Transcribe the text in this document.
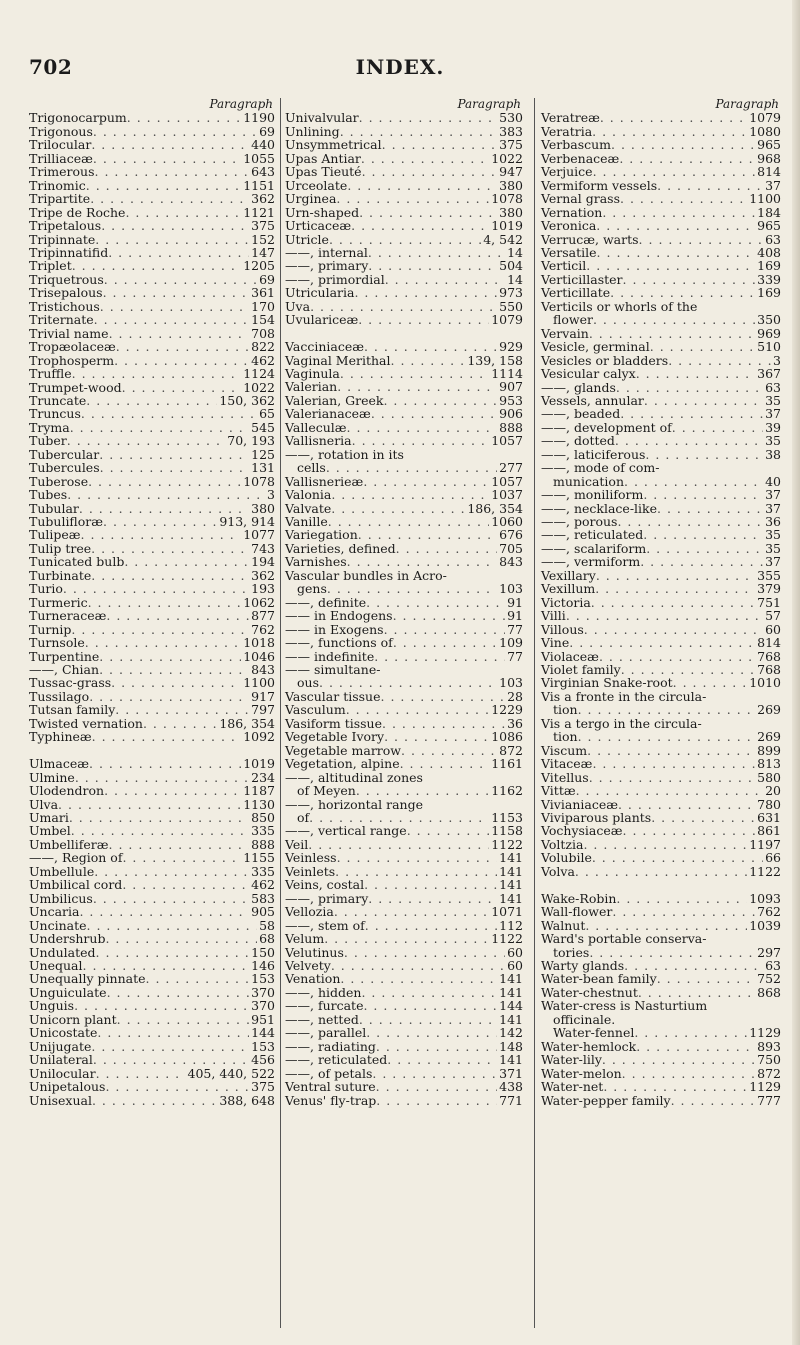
702	INDEX.
Paragraph
Trigonocarpum . . .	1190
Trigonous . . .	69
Trilocular . . .	440
Trilliaceæ . . .	1055
Trimerous . . .	643
Trinomic . . .	1151
Tripartite . . .	362
Tripe de Roche . . .	1121
Tripetalous . . .	375
Tripinnate . . .	152
Tripinnatifid . . .	147
Triplet . . .	1205
Triquetrous . . .	69
Trisepalous . . .	361
Tristichous . . .	170
Triternate . . .	154
Trivial name . . .	708
Tropæolaceæ . . .	822
Trophosperm . . .	462
Truffle . . .	1124
Trumpet-wood . . .	1022
Truncate . . .	150, 362
Truncus . . .	65
Tryma . . .	545
Tuber . . .	70, 193
Tubercular . . .	125
Tubercules . . .	131
Tuberose . . .	1078
Tubes . . .	3
Tubular . . .	380
Tubulifloræ . . .	913, 914
Tulipeæ . . .	1077
Tulip tree . . .	743
Tunicated bulb . . .	194
Turbinate . . .	362
Turio . . .	193
Turmeric . . .	1062
Turneraceæ . . .	877
Turnip . . .	762
Turnsole . . .	1018
Turpentine . . .	1046
——, Chian . . .	843
Tussac-grass . . .	1100
Tussilago . . .	917
Tutsan family . . .	797
Twisted vernation . . .	186, 354
Typhineæ . . .	1092
Ulmaceæ . . .	1019
Ulmine . . .	234
Ulodendron . . .	1187
Ulva . . .	1130
Umari . . .	850
Umbel . . .	335
Umbelliferæ . . .	888
——, Region of . . .	1155
Umbellule . . .	335
Umbilical cord . . .	462
Umbilicus . . .	583
Uncaria . . .	905
Uncinate . . .	58
Undershrub . . .	68
Undulated . . .	150
Unequal . . .	146
Unequally pinnate . . .	153
Unguiculate . . .	370
Unguis . . .	370
Unicorn plant . . .	951
Unicostate . . .	144
Unijugate . . .	153
Unilateral . . .	456
Unilocular . . .	405, 440, 522
Unipetalous . . .	375
Unisexual . . .	388, 648
Paragraph
Univalvular . . .	530
Unlining . . .	383
Unsymmetrical . . .	375
Upas Antiar . . .	1022
Upas Tieuté . . .	947
Urceolate . . .	380
Urginea . . .	1078
Urn-shaped . . .	380
Urticaceæ . . .	1019
Utricle . . .	4, 542
——, internal . . .	14
——, primary . . .	504
——, primordial . . .	14
Utricularia . . .	973
Uva . . .	550
Uvulariceæ . . .	1079
Vacciniaceæ . . .	929
Vaginal Merithal . . .	139, 158
Vaginula . . .	1114
Valerian . . .	907
Valerian, Greek . . .	953
Valerianaceæ . . .	906
Valleculæ . . .	888
Vallisneria . . .	1057
——, rotation in its
cells . . .	277
Vallisnerieæ . . .	1057
Valonia . . .	1037
Valvate . . .	186, 354
Vanille . . .	1060
Variegation . . .	676
Varieties, defined . . .	705
Varnishes . . .	843
Vascular bundles in Acro-
gens . . .	103
——, definite . . .	91
—— in Endogens . . .	91
—— in Exogens . . .	77
——, functions of . . .	109
—— indefinite . . .	77
—— simultane-
ous . . .	103
Vascular tissue . . .	28
Vasculum . . .	1229
Vasiform tissue . . .	36
Vegetable Ivory . . .	1086
Vegetable marrow . . .	872
Vegetation, alpine . . .	1161
——, altitudinal zones
of Meyen . . .	1162
——, horizontal range
of . . .	1153
——, vertical range . . .	1158
Veil . . .	1122
Veinless . . .	141
Veinlets . . .	141
Veins, costal . . .	141
——, primary . . .	141
Vellozia . . .	1071
——, stem of . . .	112
Velum . . .	1122
Velutinus . . .	60
Velvety . . .	60
Venation . . .	141
——, hidden . . .	141
——, furcate . . .	144
——, netted . . .	141
——, parallel . . .	142
——, radiating . . .	148
——, reticulated . . .	141
——, of petals . . .	371
Ventral suture . . .	438
Venus' fly-trap . . .	771
Paragraph
Veratreæ . . .	1079
Veratria . . .	1080
Verbascum . . .	965
Verbenaceæ . . .	968
Verjuice . . .	814
Vermiform vessels . . .	37
Vernal grass . . .	1100
Vernation . . .	184
Veronica . . .	965
Verrucæ, warts . . .	63
Versatile . . .	408
Verticil . . .	169
Verticillaster . . .	339
Verticillate . . .	169
Verticils or whorls of the
flower . . .	350
Vervain . . .	969
Vesicle, germinal . . .	510
Vesicles or bladders . . .	3
Vesicular calyx . . .	367
——, glands . . .	63
Vessels, annular . . .	35
——, beaded . . .	37
——, development of . . .	39
——, dotted . . .	35
——, laticiferous . . .	38
——, mode of com-
munication . . .	40
——, moniliform . . .	37
——, necklace-like . . .	37
——, porous . . .	36
——, reticulated . . .	35
——, scalariform . . .	35
——, vermiform . . .	37
Vexillary . . .	355
Vexillum . . .	379
Victoria . . .	751
Villi . . .	57
Villous . . .	60
Vine . . .	814
Violaceæ . . .	768
Violet family . . .	768
Virginian Snake-root . . .	1010
Vis a fronte in the circula-
tion . . .	269
Vis a tergo in the circula-
tion . . .	269
Viscum . . .	899
Vitaceæ . . .	813
Vitellus . . .	580
Vittæ . . .	20
Vivianiaceæ . . .	780
Viviparous plants . . .	631
Vochysiaceæ . . .	861
Voltzia . . .	1197
Volubile . . .	66
Volva . . .	1122
Wake-Robin . . .	1093
Wall-flower . . .	762
Walnut . . .	1039
Ward's portable conserva-
tories . . .	297
Warty glands . . .	63
Water-bean family . . .	752
Water-chestnut . . .	868
Water-cress is Nasturtium
officinale.
Water-fennel . . .	1129
Water-hemlock . . .	893
Water-lily . . .	750
Water-melon . . .	872
Water-net . . .	1129
Water-pepper family . . .	777
